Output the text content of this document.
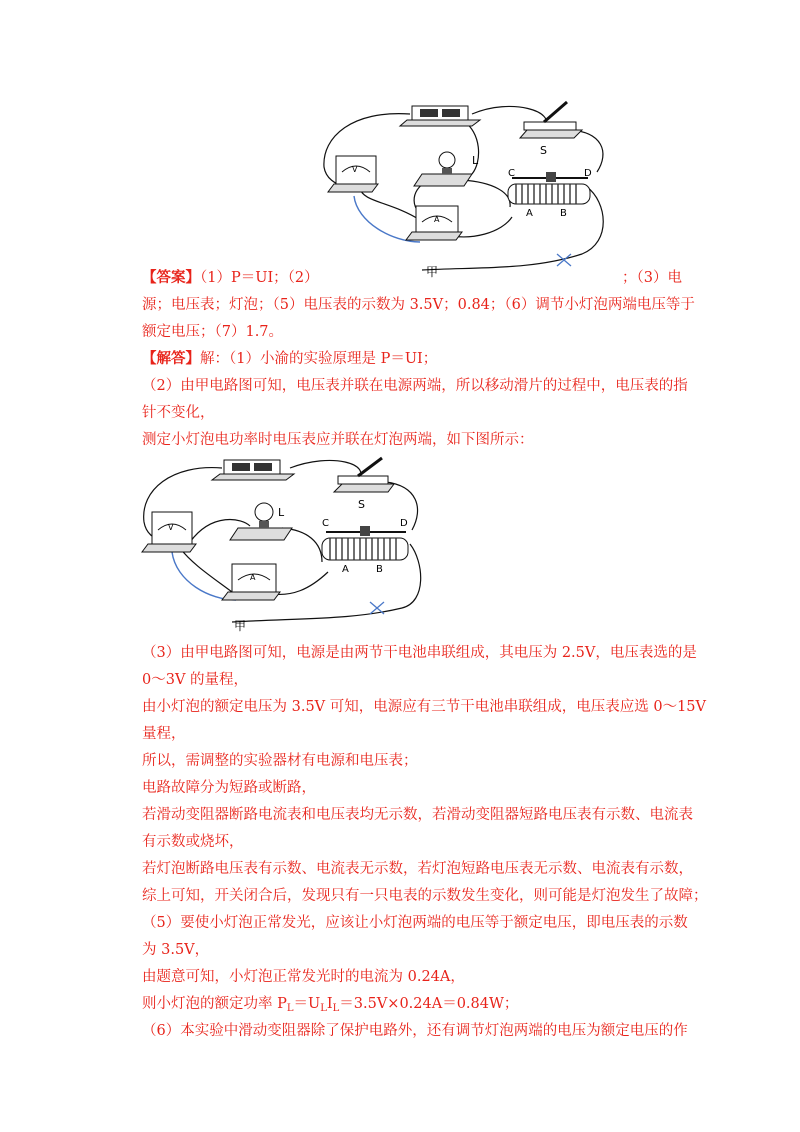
S
V
L
A
C	D
A	B
甲
【答案】（1）P＝UI；（2）	；（3）电
源；电压表；灯泡；（5）电压表的示数为 3.5V；0.84；（6）调节小灯泡两端电压等于
额定电压；（7）1.7。
【解答】解：（1）小渝的实验原理是 P＝UI；
（2）由甲电路图可知，电压表并联在电源两端，所以移动滑片的过程中，电压表的指
针不变化，
测定小灯泡电功率时电压表应并联在灯泡两端，如下图所示：
S
V
L
A
C	D
A	B
甲
（3）由甲电路图可知，电源是由两节干电池串联组成，其电压为 2.5V，电压表选的是
0～3V 的量程，
由小灯泡的额定电压为 3.5V 可知，电源应有三节干电池串联组成，电压表应选 0～15V
量程，
所以，需调整的实验器材有电源和电压表；
电路故障分为短路或断路，
若滑动变阻器断路电流表和电压表均无示数，若滑动变阻器短路电压表有示数、电流表
有示数或烧坏，
若灯泡断路电压表有示数、电流表无示数，若灯泡短路电压表无示数、电流表有示数，
综上可知，开关闭合后，发现只有一只电表的示数发生变化，则可能是灯泡发生了故障；
（5）要使小灯泡正常发光，应该让小灯泡两端的电压等于额定电压，即电压表的示数
为 3.5V，
由题意可知，小灯泡正常发光时的电流为 0.24A，
则小灯泡的额定功率 $P_L=U_LI_L=3.5V\times 0.24A=0.84W$；
（6）本实验中滑动变阻器除了保护电路外，还有调节灯泡两端的电压为额定电压的作
